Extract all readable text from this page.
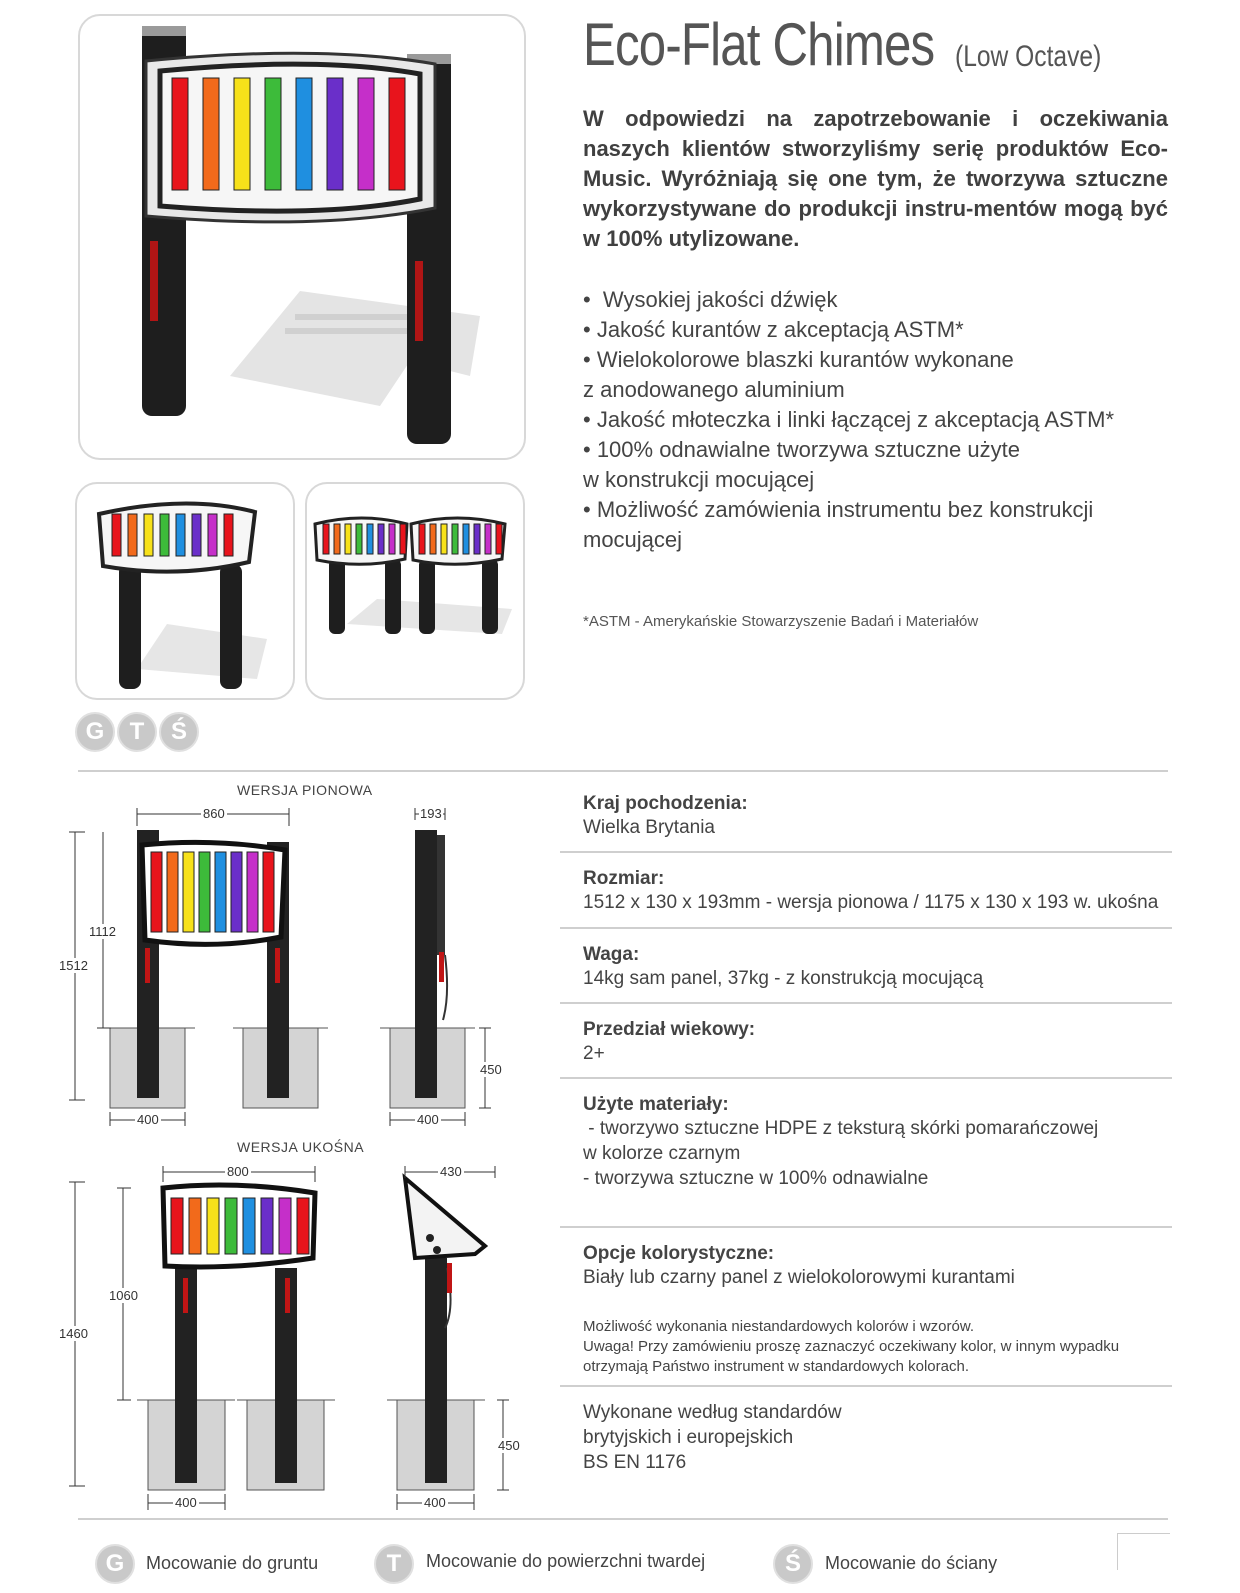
G	T	Ś
Eco-Flat Chimes (Low Octave)
W odpowiedzi na zapotrzebowanie i oczekiwania naszych klientów stworzyliśmy serię produktów Eco-Music. Wyróżniają się one tym, że tworzywa sztuczne wykorzystywane do produkcji instru-mentów mogą być w 100% utylizowane.
•  Wysokiej jakości dźwięk
• Jakość kurantów z akceptacją ASTM*
• Wielokolorowe blaszki kurantów wykonane
z anodowanego aluminium
• Jakość młoteczka i linki łączącej z akceptacją ASTM*
• 100% odnawialne tworzywa sztuczne użyte
w konstrukcji mocującej
• Możliwość zamówienia instrumentu bez konstrukcji
mocującej
*ASTM - Amerykańskie Stowarzyszenie Badań i Materiałów
WERSJA PIONOWA
860	193
1512
1112
400	400
450
WERSJA UKOŚNA
800	430
1460
1060
400	400
450
Kraj pochodzenia:
Wielka Brytania
Rozmiar:
1512 x 130 x 193mm - wersja pionowa / 1175 x 130 x 193 w. ukośna
Waga:
14kg sam panel, 37kg - z konstrukcją mocującą
Przedział wiekowy:
2+
Użyte materiały:
- tworzywo sztuczne HDPE z teksturą skórki pomarańczowej
w kolorze czarnym
- tworzywa sztuczne w 100% odnawialne
Opcje kolorystyczne:
Biały lub czarny panel z wielokolorowymi kurantami
Możliwość wykonania niestandardowych kolorów i wzorów.
Uwaga! Przy zamówieniu proszę zaznaczyć oczekiwany kolor, w innym wypadku
otrzymają Państwo instrument w standardowych kolorach.
Wykonane według standardów
brytyjskich i europejskich
BS EN 1176
G	Mocowanie do gruntu	T	Mocowanie do powierzchni twardej	Ś	Mocowanie do ściany
